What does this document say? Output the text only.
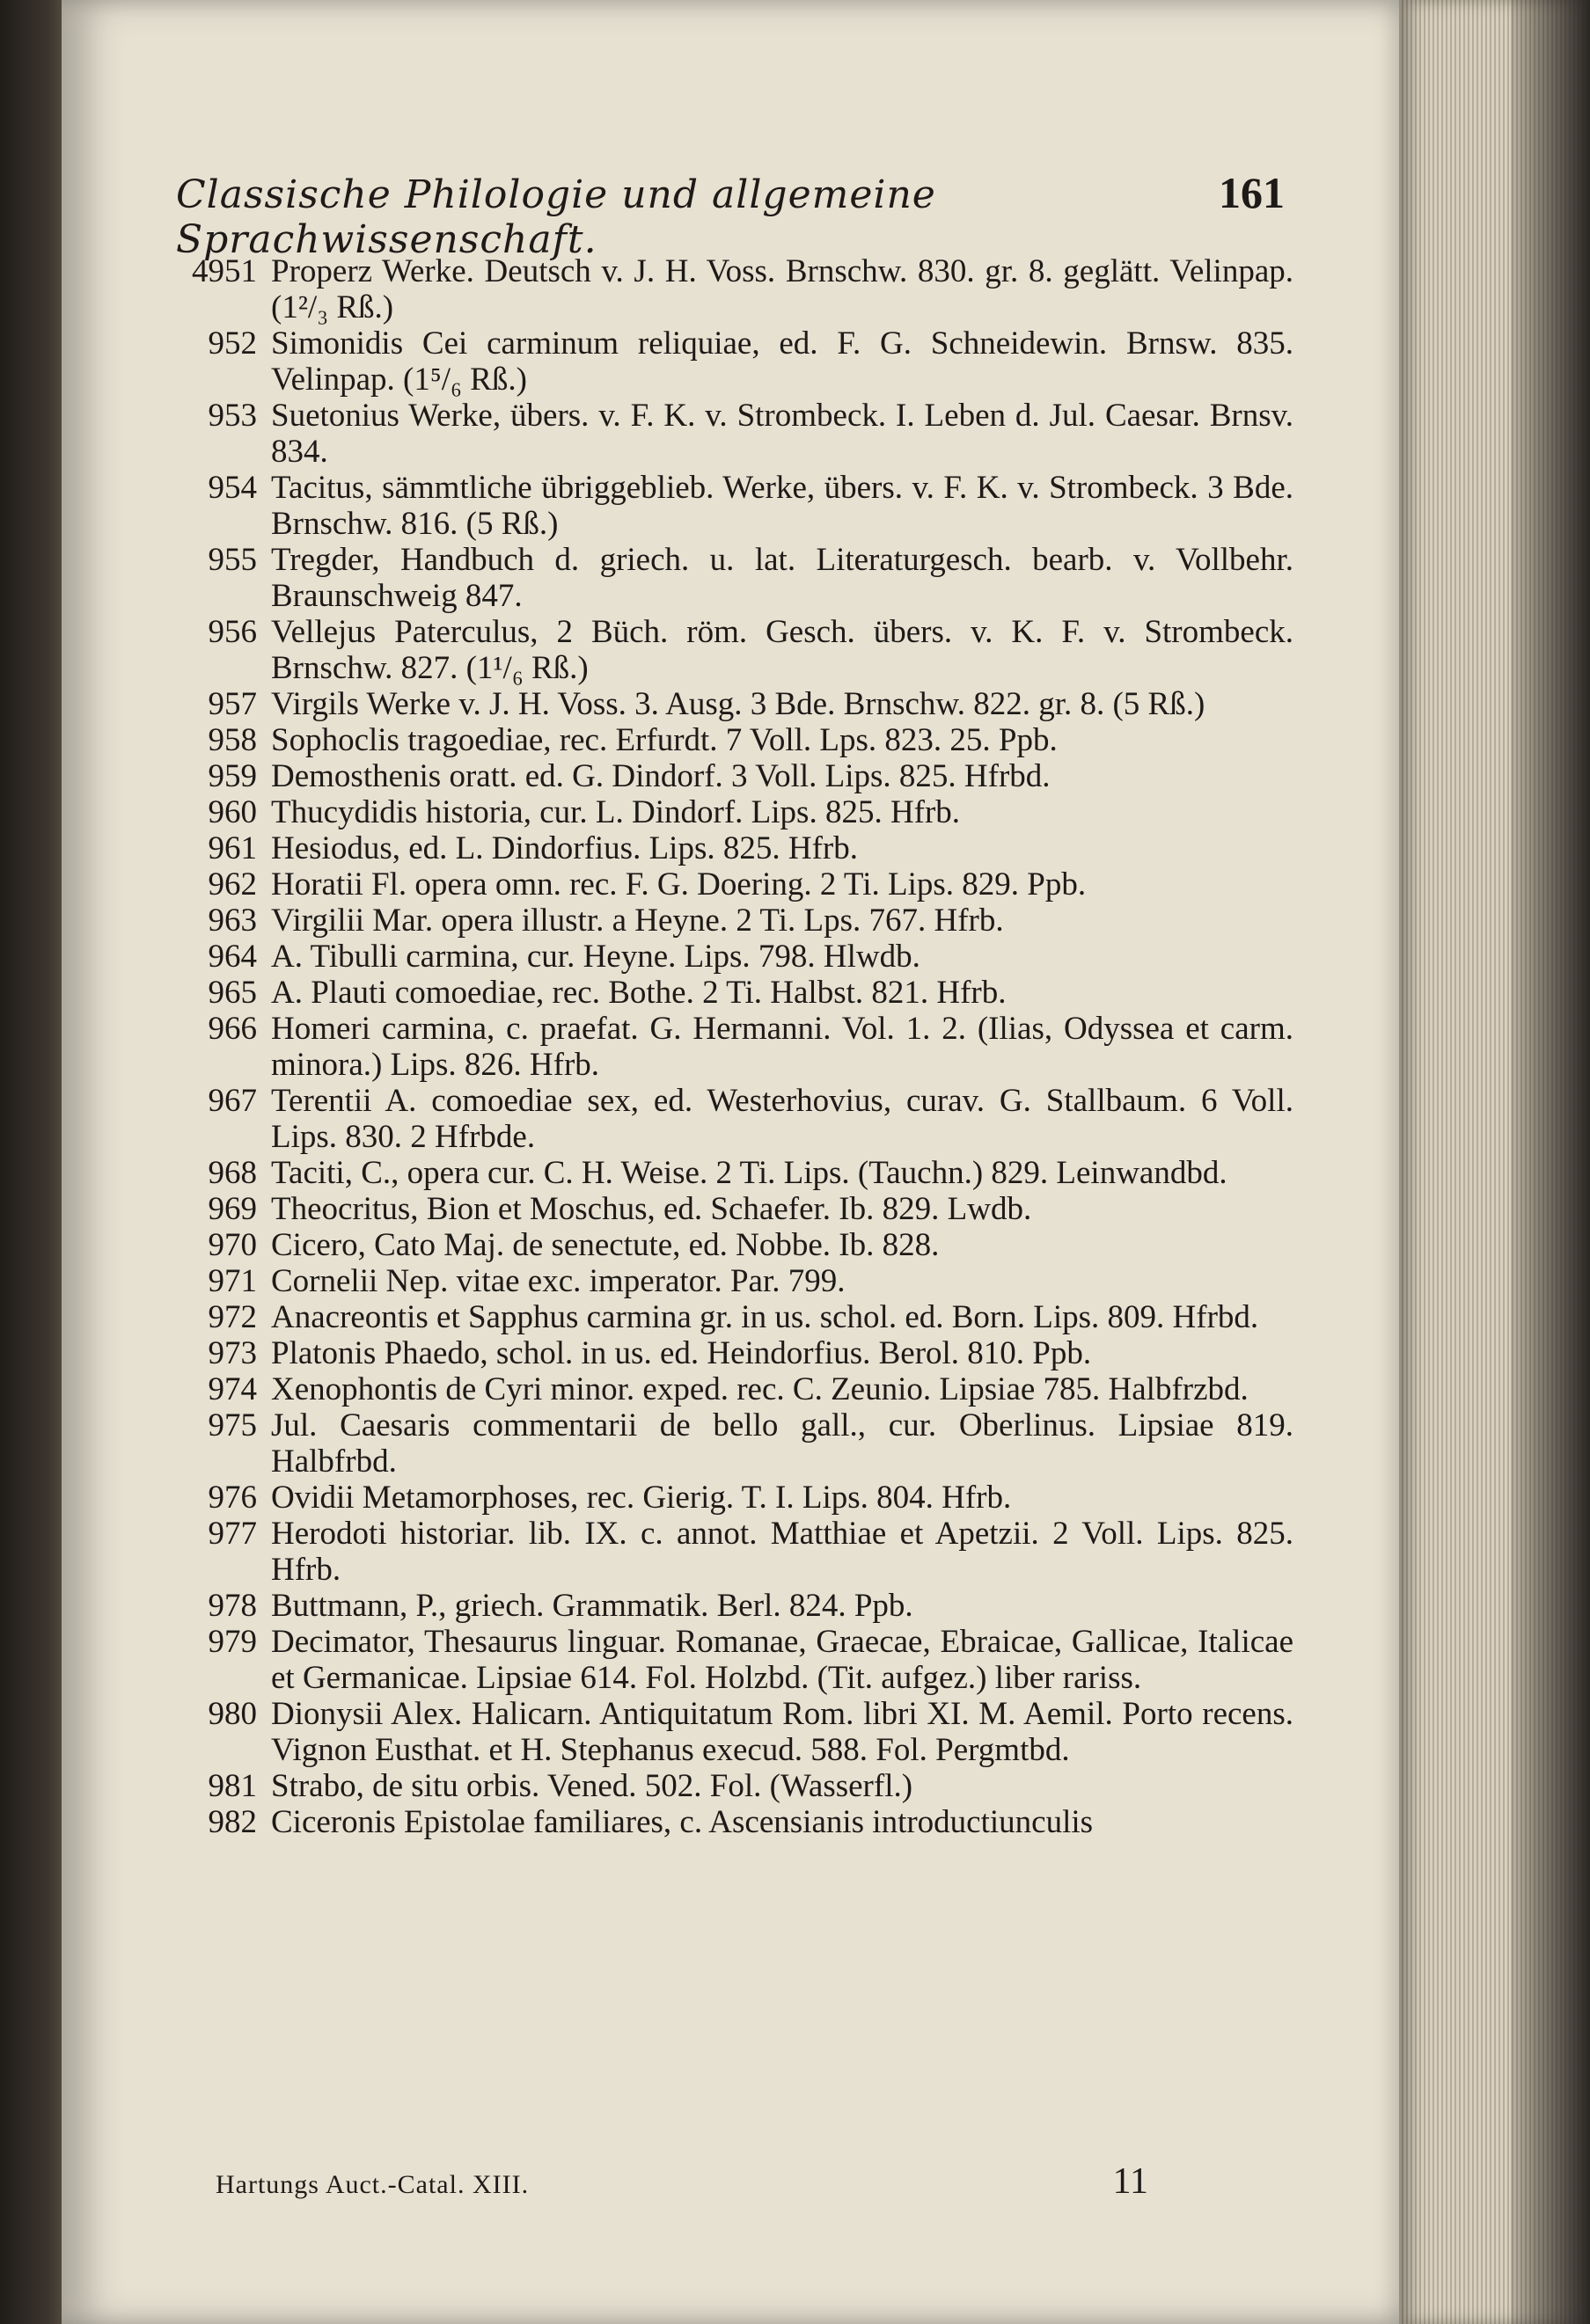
Classische Philologie und allgemeine Sprachwissenschaft.
161
4951 Properz Werke. Deutsch v. J. H. Voss. Brnschw. 830. gr. 8. geglätt. Velinpap. (1²/₃ Rß.)
952 Simonidis Cei carminum reliquiae, ed. F. G. Schneidewin. Brnsw. 835. Velinpap. (1⁵/₆ Rß.)
953 Suetonius Werke, übers. v. F. K. v. Strombeck. I. Leben d. Jul. Caesar. Brnsv. 834.
954 Tacitus, sämmtliche übriggeblieb. Werke, übers. v. F. K. v. Strombeck. 3 Bde. Brnschw. 816. (5 Rß.)
955 Tregder, Handbuch d. griech. u. lat. Literaturgesch. bearb. v. Vollbehr. Braunschweig 847.
956 Vellejus Paterculus, 2 Büch. röm. Gesch. übers. v. K. F. v. Strombeck. Brnschw. 827. (1¹/₆ Rß.)
957 Virgils Werke v. J. H. Voss. 3. Ausg. 3 Bde. Brnschw. 822. gr. 8. (5 Rß.)
958 Sophoclis tragoediae, rec. Erfurdt. 7 Voll. Lps. 823. 25. Ppb.
959 Demosthenis oratt. ed. G. Dindorf. 3 Voll. Lips. 825. Hfrbd.
960 Thucydidis historia, cur. L. Dindorf. Lips. 825. Hfrb.
961 Hesiodus, ed. L. Dindorfius. Lips. 825. Hfrb.
962 Horatii Fl. opera omn. rec. F. G. Doering. 2 Ti. Lips. 829. Ppb.
963 Virgilii Mar. opera illustr. a Heyne. 2 Ti. Lps. 767. Hfrb.
964 A. Tibulli carmina, cur. Heyne. Lips. 798. Hlwdb.
965 A. Plauti comoediae, rec. Bothe. 2 Ti. Halbst. 821. Hfrb.
966 Homeri carmina, c. praefat. G. Hermanni. Vol. 1. 2. (Ilias, Odyssea et carm. minora.) Lips. 826. Hfrb.
967 Terentii A. comoediae sex, ed. Westerhovius, curav. G. Stallbaum. 6 Voll. Lips. 830. 2 Hfrbde.
968 Taciti, C., opera cur. C. H. Weise. 2 Ti. Lips. (Tauchn.) 829. Leinwandbd.
969 Theocritus, Bion et Moschus, ed. Schaefer. Ib. 829. Lwdb.
970 Cicero, Cato Maj. de senectute, ed. Nobbe. Ib. 828.
971 Cornelii Nep. vitae exc. imperator. Par. 799.
972 Anacreontis et Sapphus carmina gr. in us. schol. ed. Born. Lips. 809. Hfrbd.
973 Platonis Phaedo, schol. in us. ed. Heindorfius. Berol. 810. Ppb.
974 Xenophontis de Cyri minor. exped. rec. C. Zeunio. Lipsiae 785. Halbfrzbd.
975 Jul. Caesaris commentarii de bello gall., cur. Oberlinus. Lipsiae 819. Halbfrbd.
976 Ovidii Metamorphoses, rec. Gierig. T. I. Lips. 804. Hfrb.
977 Herodoti historiar. lib. IX. c. annot. Matthiae et Apetzii. 2 Voll. Lips. 825. Hfrb.
978 Buttmann, P., griech. Grammatik. Berl. 824. Ppb.
979 Decimator, Thesaurus linguar. Romanae, Graecae, Ebraicae, Gallicae, Italicae et Germanicae. Lipsiae 614. Fol. Holzbd. (Tit. aufgez.) liber rariss.
980 Dionysii Alex. Halicarn. Antiquitatum Rom. libri XI. M. Aemil. Porto recens. Vignon Eusthat. et H. Stephanus execud. 588. Fol. Pergmtbd.
981 Strabo, de situ orbis. Vened. 502. Fol. (Wasserfl.)
982 Ciceronis Epistolae familiares, c. Ascensianis introductiunculis
Hartungs Auct.-Catal. XIII.	11
